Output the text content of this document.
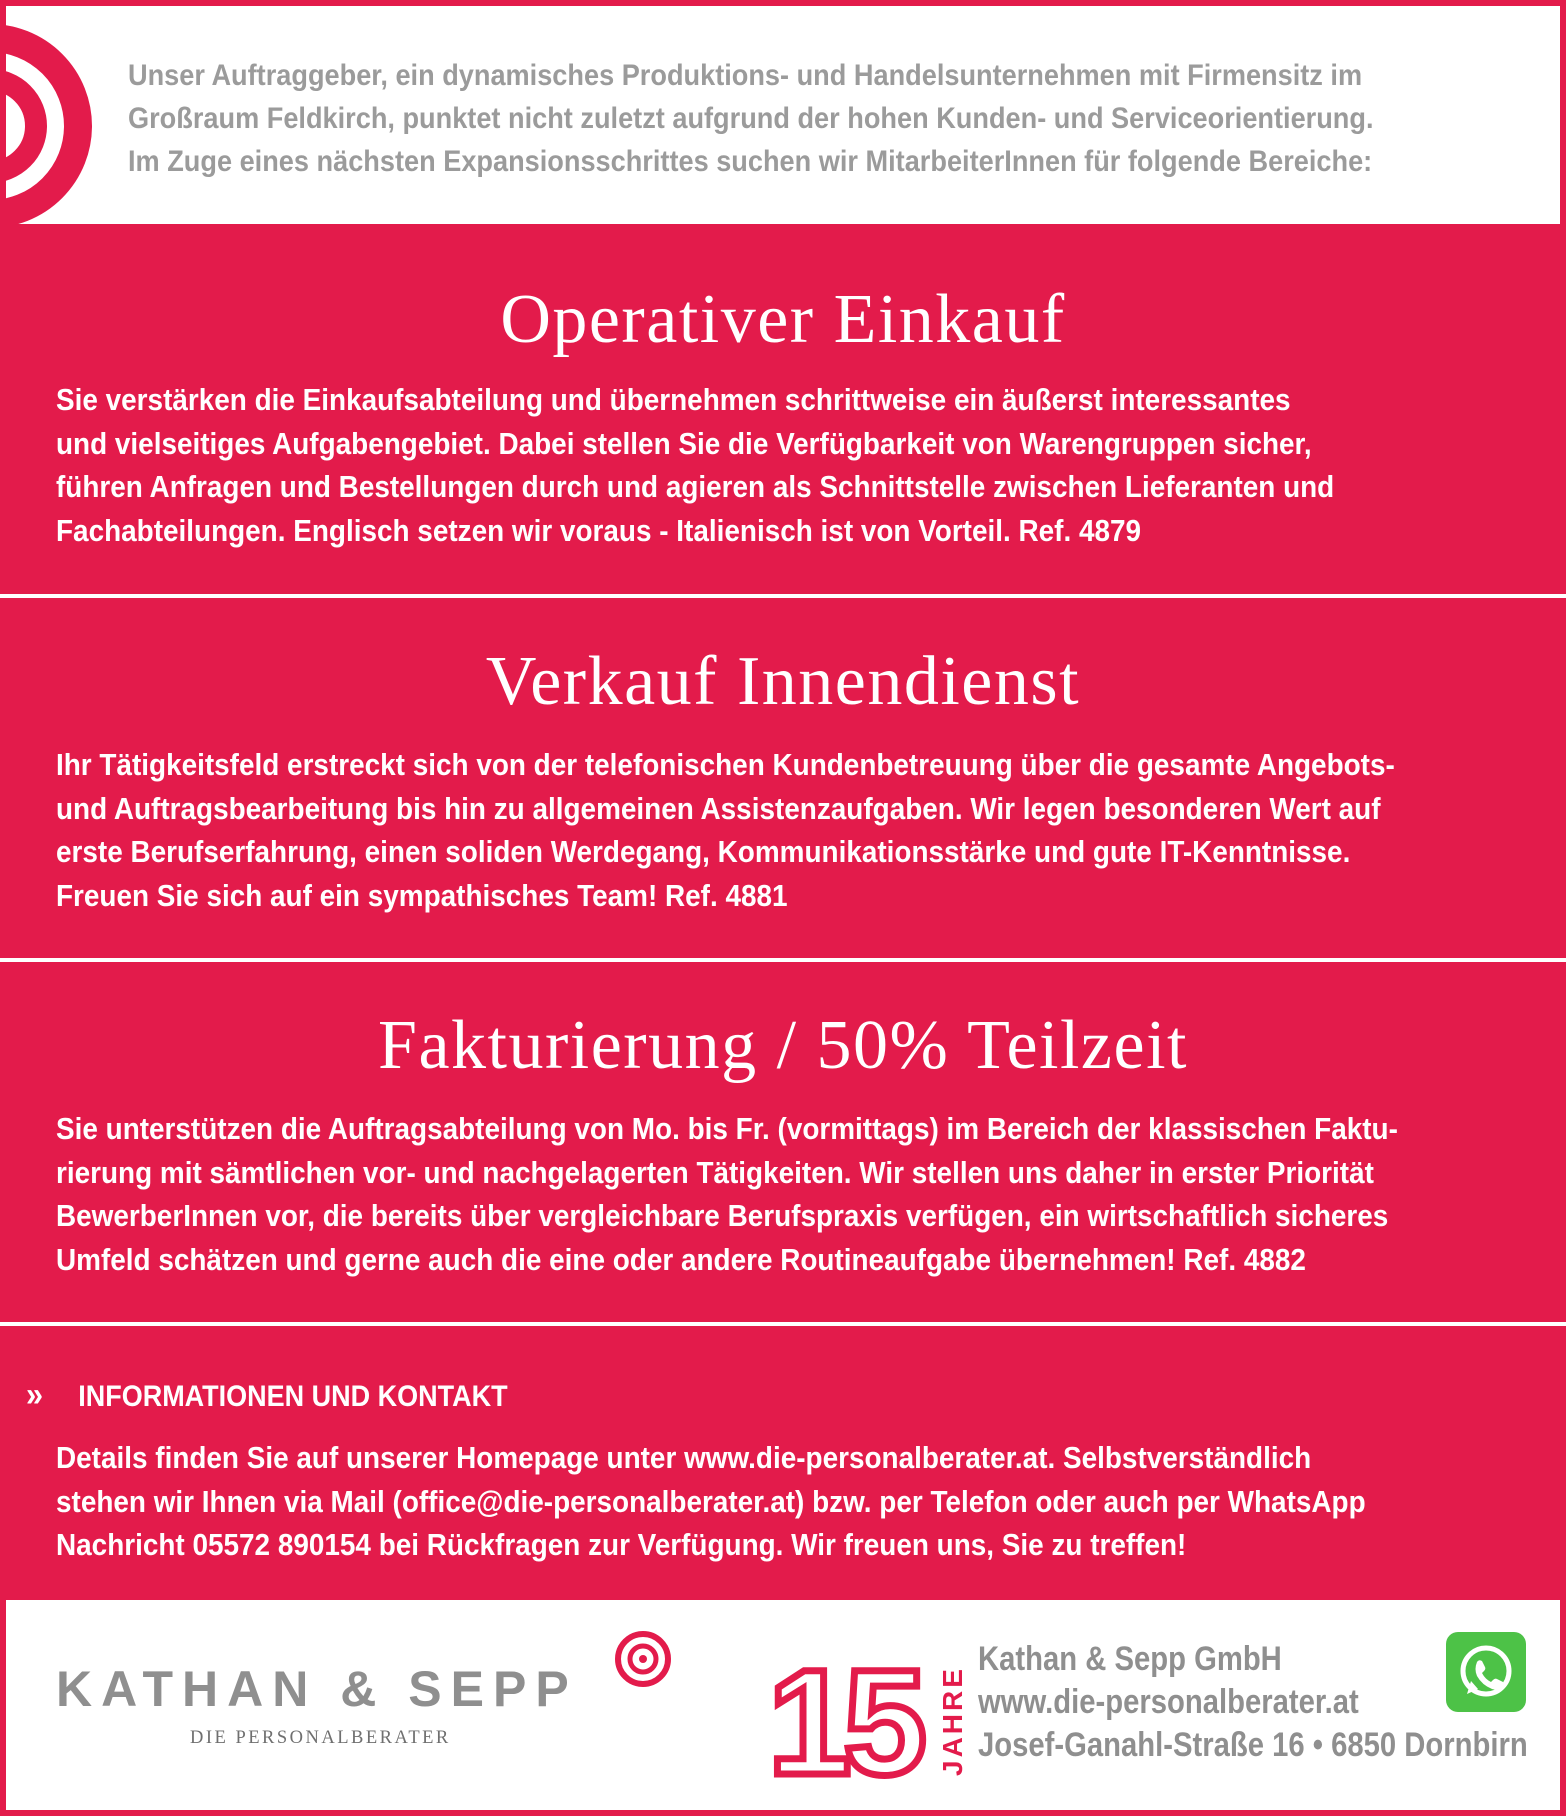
Unser Auftraggeber, ein dynamisches Produktions- und Handelsunternehmen mit Firmensitz im
Großraum Feldkirch, punktet nicht zuletzt aufgrund der hohen Kunden- und Serviceorientierung.
Im Zuge eines nächsten Expansionsschrittes suchen wir MitarbeiterInnen für folgende Bereiche:

Operativer Einkauf

Sie verstärken die Einkaufsabteilung und übernehmen schrittweise ein äußerst interessantes
und vielseitiges Aufgabengebiet. Dabei stellen Sie die Verfügbarkeit von Warengruppen sicher,
führen Anfragen und Bestellungen durch und agieren als Schnittstelle zwischen Lieferanten und
Fachabteilungen. Englisch setzen wir voraus - Italienisch ist von Vorteil. Ref. 4879

Verkauf Innendienst

Ihr Tätigkeitsfeld erstreckt sich von der telefonischen Kundenbetreuung über die gesamte Angebots-
und Auftragsbearbeitung bis hin zu allgemeinen Assistenzaufgaben. Wir legen besonderen Wert auf
erste Berufserfahrung, einen soliden Werdegang, Kommunikationsstärke und gute IT-Kenntnisse.
Freuen Sie sich auf ein sympathisches Team! Ref. 4881

Fakturierung / 50% Teilzeit

Sie unterstützen die Auftragsabteilung von Mo. bis Fr. (vormittags) im Bereich der klassischen Faktu-
rierung mit sämtlichen vor- und nachgelagerten Tätigkeiten. Wir stellen uns daher in erster Priorität
BewerberInnen vor, die bereits über vergleichbare Berufspraxis verfügen, ein wirtschaftlich sicheres
Umfeld schätzen und gerne auch die eine oder andere Routineaufgabe übernehmen! Ref. 4882

» INFORMATIONEN UND KONTAKT

Details finden Sie auf unserer Homepage unter www.die-personalberater.at. Selbstverständlich
stehen wir Ihnen via Mail (office@die-personalberater.at) bzw. per Telefon oder auch per WhatsApp
Nachricht 05572 890154 bei Rückfragen zur Verfügung. Wir freuen uns, Sie zu treffen!

KATHAN & SEPP
DIE PERSONALBERATER 15 JAHRE

Kathan & Sepp GmbH
www.die-personalberater.at
Josef-Ganahl-Straße 16 • 6850 Dornbirn
